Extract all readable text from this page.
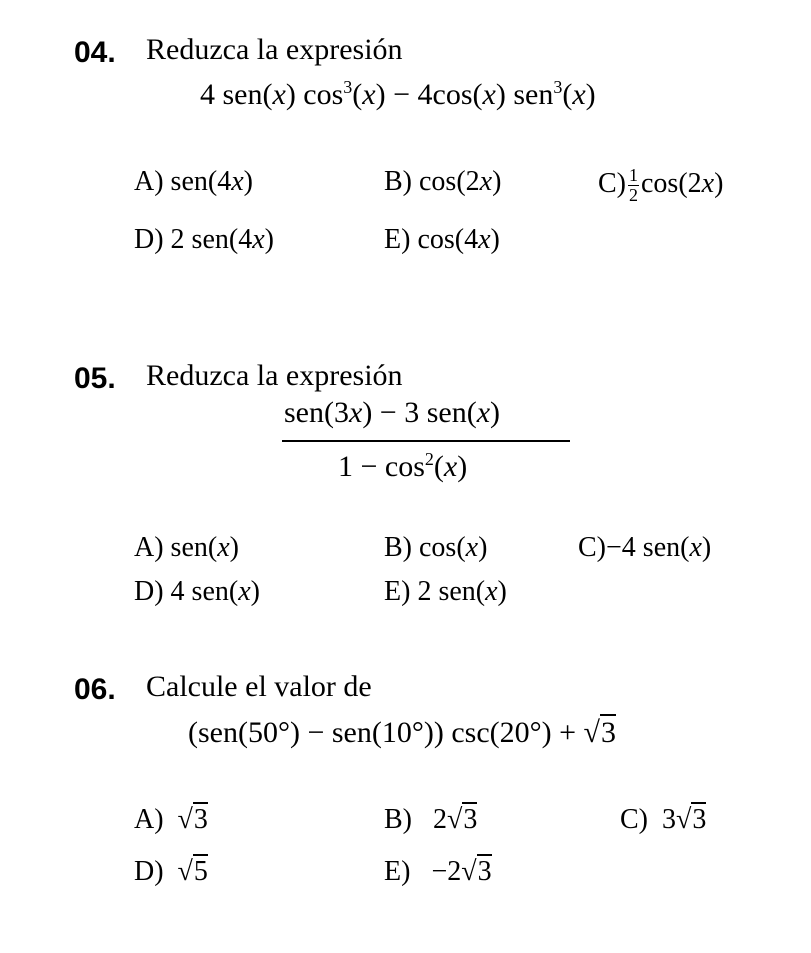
04. Reduzca la expresión
4 sen(x) $\cos^3(x) - 4\cos(x)$ sen$^3$(x)
A) sen(4x)	B) cos(2x)	$C) \frac{1}{2} \cos(2x)$
D) 2 sen(4x)	E) cos(4x)
05. Reduzca la expresión
sen(3x) − 3 sen(x)
$1 - \cos^2(x)$
A) sen(x)	B) cos(x)	C)−4 sen(x)
D) 4 sen(x)	E) 2 sen(x)
06. Calcule el valor de
(sen(50°) − sen(10°)) csc(20°) + √3
A)  √3	B)   2√3	C)  3√3
D)  √5	E)   −2√3
